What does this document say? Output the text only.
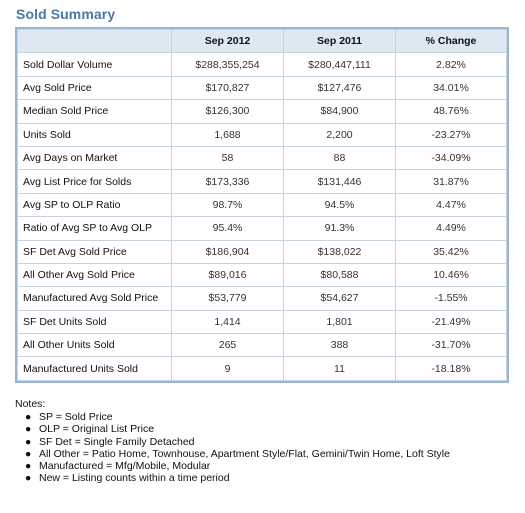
Sold Summary
	Sep 2012	Sep 2011	% Change
Sold Dollar Volume	$288,355,254	$280,447,111	2.82%
Avg Sold Price	$170,827	$127,476	34.01%
Median Sold Price	$126,300	$84,900	48.76%
Units Sold	1,688	2,200	-23.27%
Avg Days on Market	58	88	-34.09%
Avg List Price for Solds	$173,336	$131,446	31.87%
Avg SP to OLP Ratio	98.7%	94.5%	4.47%
Ratio of Avg SP to Avg OLP	95.4%	91.3%	4.49%
SF Det Avg Sold Price	$186,904	$138,022	35.42%
All Other Avg Sold Price	$89,016	$80,588	10.46%
Manufactured Avg Sold Price	$53,779	$54,627	-1.55%
SF Det Units Sold	1,414	1,801	-21.49%
All Other Units Sold	265	388	-31.70%
Manufactured Units Sold	9	11	-18.18%
Notes:
● SP = Sold Price
● OLP = Original List Price
● SF Det = Single Family Detached
● All Other = Patio Home, Townhouse, Apartment Style/Flat, Gemini/Twin Home, Loft Style
● Manufactured = Mfg/Mobile, Modular
● New = Listing counts within a time period
